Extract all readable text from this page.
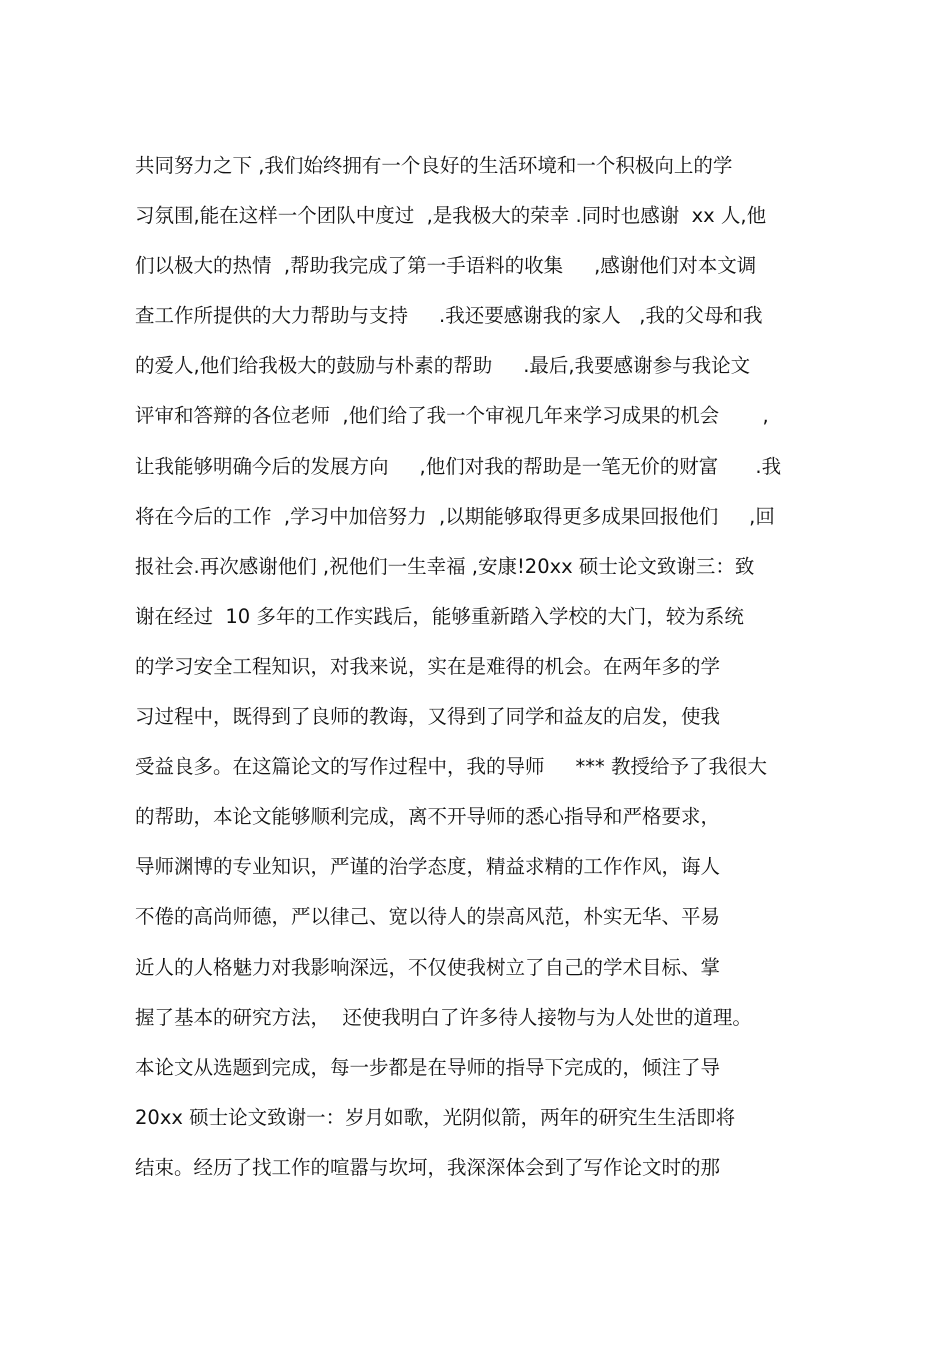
共同努力之下 ,我们始终拥有一个良好的生活环境和一个积极向上的学
习氛围,能在这样一个团队中度过  ,是我极大的荣幸 .同时也感谢  xx 人,他
们以极大的热情  ,帮助我完成了第一手语料的收集     ,感谢他们对本文调
查工作所提供的大力帮助与支持     .我还要感谢我的家人   ,我的父母和我
的爱人,他们给我极大的鼓励与朴素的帮助     .最后,我要感谢参与我论文
评审和答辩的各位老师  ,他们给了我一个审视几年来学习成果的机会       ,
让我能够明确今后的发展方向     ,他们对我的帮助是一笔无价的财富      .我
将在今后的工作  ,学习中加倍努力  ,以期能够取得更多成果回报他们     ,回
报社会.再次感谢他们 ,祝他们一生幸福 ,安康!20xx 硕士论文致谢三：致
谢在经过  10 多年的工作实践后，能够重新踏入学校的大门，较为系统
的学习安全工程知识，对我来说，实在是难得的机会。在两年多的学
习过程中，既得到了良师的教诲，又得到了同学和益友的启发，使我
受益良多。在这篇论文的写作过程中，我的导师     *** 教授给予了我很大
的帮助，本论文能够顺利完成，离不开导师的悉心指导和严格要求，
导师渊博的专业知识，严谨的治学态度，精益求精的工作作风，诲人
不倦的高尚师德，严以律己、宽以待人的崇高风范，朴实无华、平易
近人的人格魅力对我影响深远，不仅使我树立了自己的学术目标、掌
握了基本的研究方法，  还使我明白了许多待人接物与为人处世的道理。
本论文从选题到完成，每一步都是在导师的指导下完成的，倾注了导
20xx 硕士论文致谢一：岁月如歌，光阴似箭，两年的研究生生活即将
结束。经历了找工作的喧嚣与坎坷，我深深体会到了写作论文时的那
